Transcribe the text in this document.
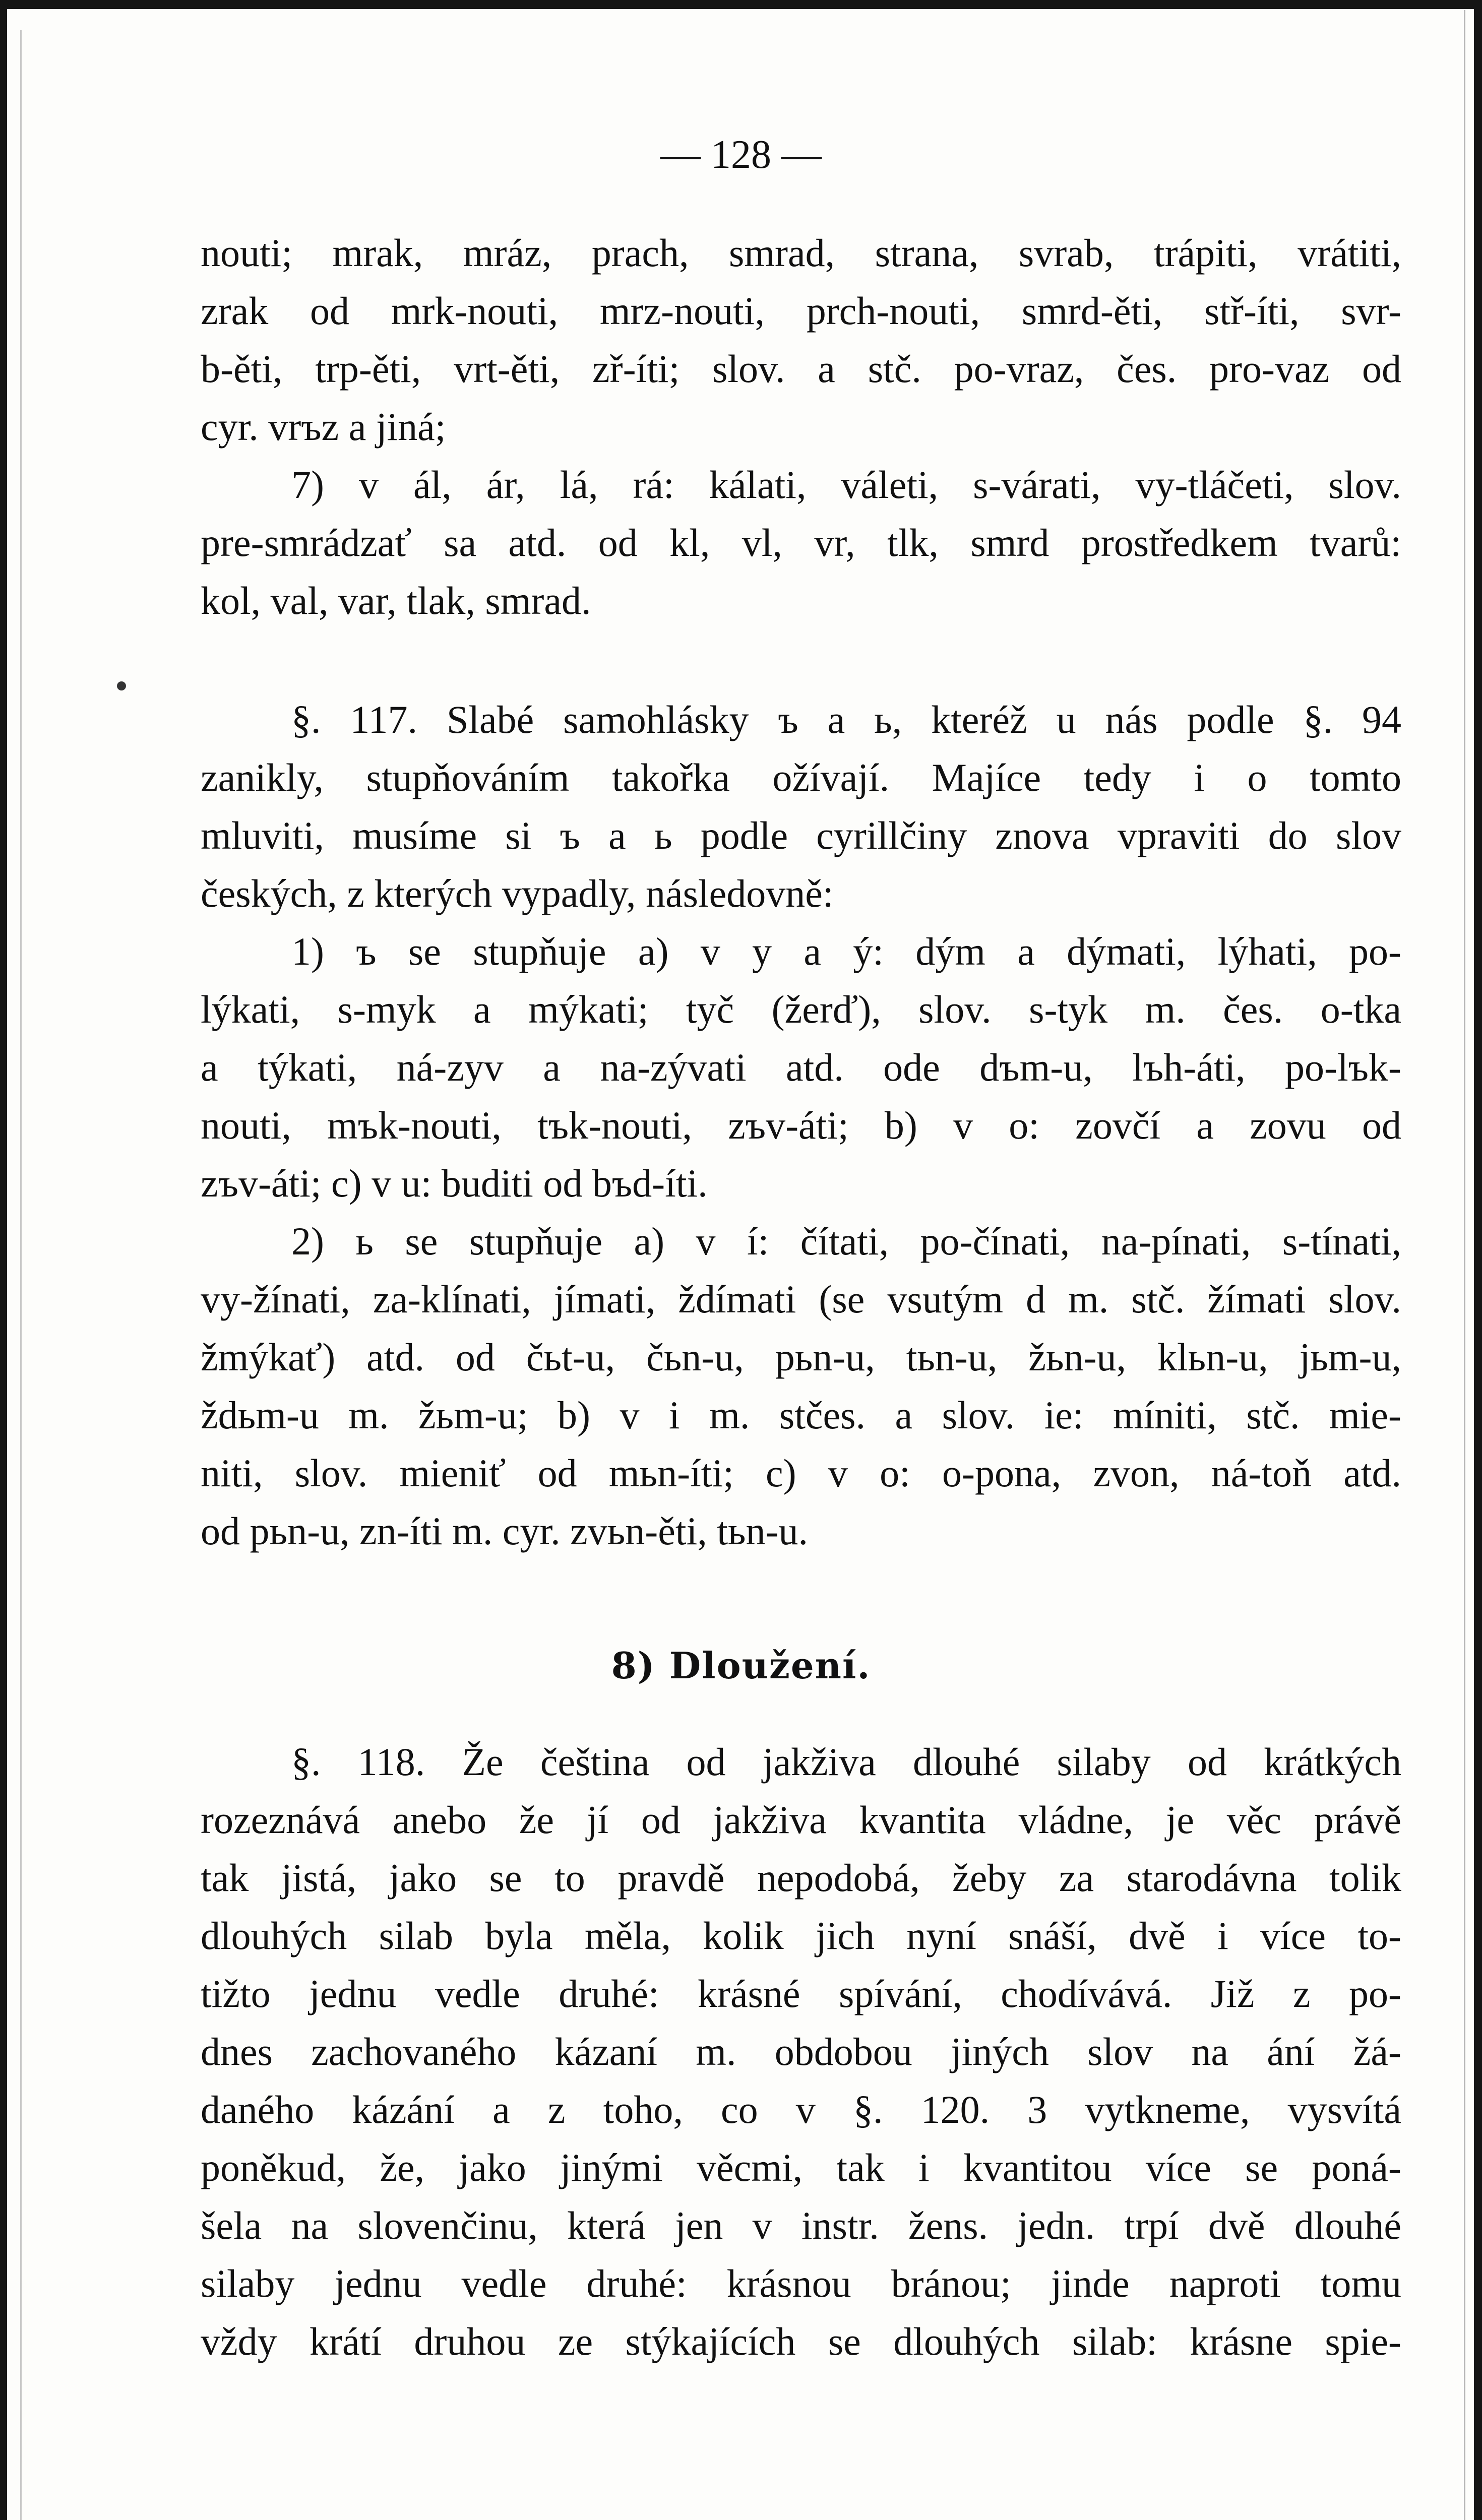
— 128 —
nouti; mrak, mráz, prach, smrad, strana, svrab, trápiti, vrátiti,
zrak od mrk-nouti, mrz-nouti, prch-nouti, smrd-ěti, stř-íti, svr-
b-ěti, trp-ěti, vrt-ěti, zř-íti; slov. a stč. po-vraz, čes. pro-vaz od
cyr. vrъz a jiná;
7) v ál, ár, lá, rá: kálati, váleti, s-várati, vy-tláčeti, slov.
pre-smrádzať sa atd. od kl, vl, vr, tlk, smrd prostředkem tvarů:
kol, val, var, tlak, smrad.
§. 117. Slabé samohlásky ъ a ь, kteréž u nás podle §. 94
zanikly, stupňováním takořka ožívají. Majíce tedy i o tomto
mluviti, musíme si ъ a ь podle cyrillčiny znova vpraviti do slov
českých, z kterých vypadly, následovně:
1) ъ se stupňuje a) v y a ý: dým a dýmati, lýhati, po-
lýkati, s-myk a mýkati; tyč (žerď), slov. s-tyk m. čes. o-tka
a týkati, ná-zyv a na-zývati atd. ode dъm-u, lъh-áti, po-lъk-
nouti, mъk-nouti, tъk-nouti, zъv-áti; b) v o: zovčí a zovu od
zъv-áti; c) v u: buditi od bъd-íti.
2) ь se stupňuje a) v í: čítati, po-čínati, na-pínati, s-tínati,
vy-žínati, za-klínati, jímati, ždímati (se vsutým d m. stč. žímati slov.
žmýkať) atd. od čьt-u, čьn-u, pьn-u, tьn-u, žьn-u, klьn-u, jьm-u,
ždьm-u m. žьm-u; b) v i m. stčes. a slov. ie: míniti, stč. mie-
niti, slov. mieniť od mьn-íti; c) v o: o-pona, zvon, ná-toň atd.
od pьn-u, zn-íti m. cyr. zvьn-ěti, tьn-u.
§. 118. Že čeština od jakživa dlouhé silaby od krátkých
rozeznává anebo že jí od jakživa kvantita vládne, je věc právě
tak jistá, jako se to pravdě nepodobá, žeby za starodávna tolik
dlouhých silab byla měla, kolik jich nyní snáší, dvě i více to-
tižto jednu vedle druhé: krásné spívání, chodívává. Již z po-
dnes zachovaného kázaní m. obdobou jiných slov na ání žá-
daného kázání a z toho, co v §. 120. 3 vytkneme, vysvítá
poněkud, že, jako jinými věcmi, tak i kvantitou více se poná-
šela na slovenčinu, která jen v instr. žens. jedn. trpí dvě dlouhé
silaby jednu vedle druhé: krásnou bránou; jinde naproti tomu
vždy krátí druhou ze stýkajících se dlouhých silab: krásne spie-
8) Dloužení.
